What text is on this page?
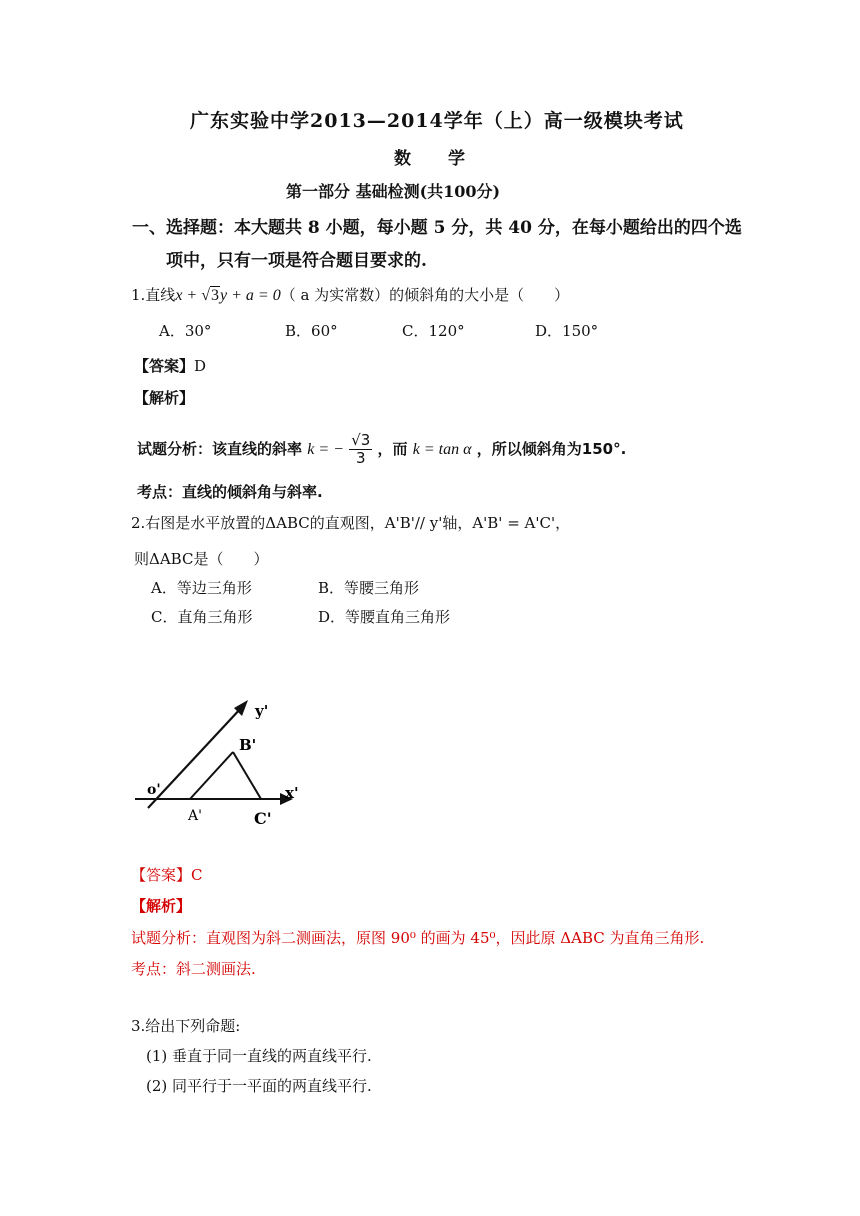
广东实验中学2013—2014学年（上）高一级模块考试
数　　学
第一部分 基础检测(共100分)
一、选择题：本大题共 8 小题，每小题 5 分，共 40 分，在每小题给出的四个选
项中，只有一项是符合题目要求的.
1.直线x + √3y + a = 0（ a 为实常数）的倾斜角的大小是（　　）
A．30°	B．60°	C．120°	D．150°
【答案】D
【解析】
试题分析：该直线的斜率 k = − $\frac{√3}{3}$ ，而 k = tan α ，所以倾斜角为150°.
考点：直线的倾斜角与斜率.
2.右图是水平放置的ΔABC的直观图，A'B'// y'轴，A'B' = A'C'，
则ΔABC是（　　）
A．等边三角形	B．等腰三角形
C．直角三角形	D．等腰直角三角形
y'
x'
o'
A'
B'
C'
【答案】C
【解析】
试题分析：直观图为斜二测画法，原图 90⁰ 的画为 45⁰，因此原 ΔABC 为直角三角形.
考点：斜二测画法.
3.给出下列命题:
(1) 垂直于同一直线的两直线平行.
(2) 同平行于一平面的两直线平行.
